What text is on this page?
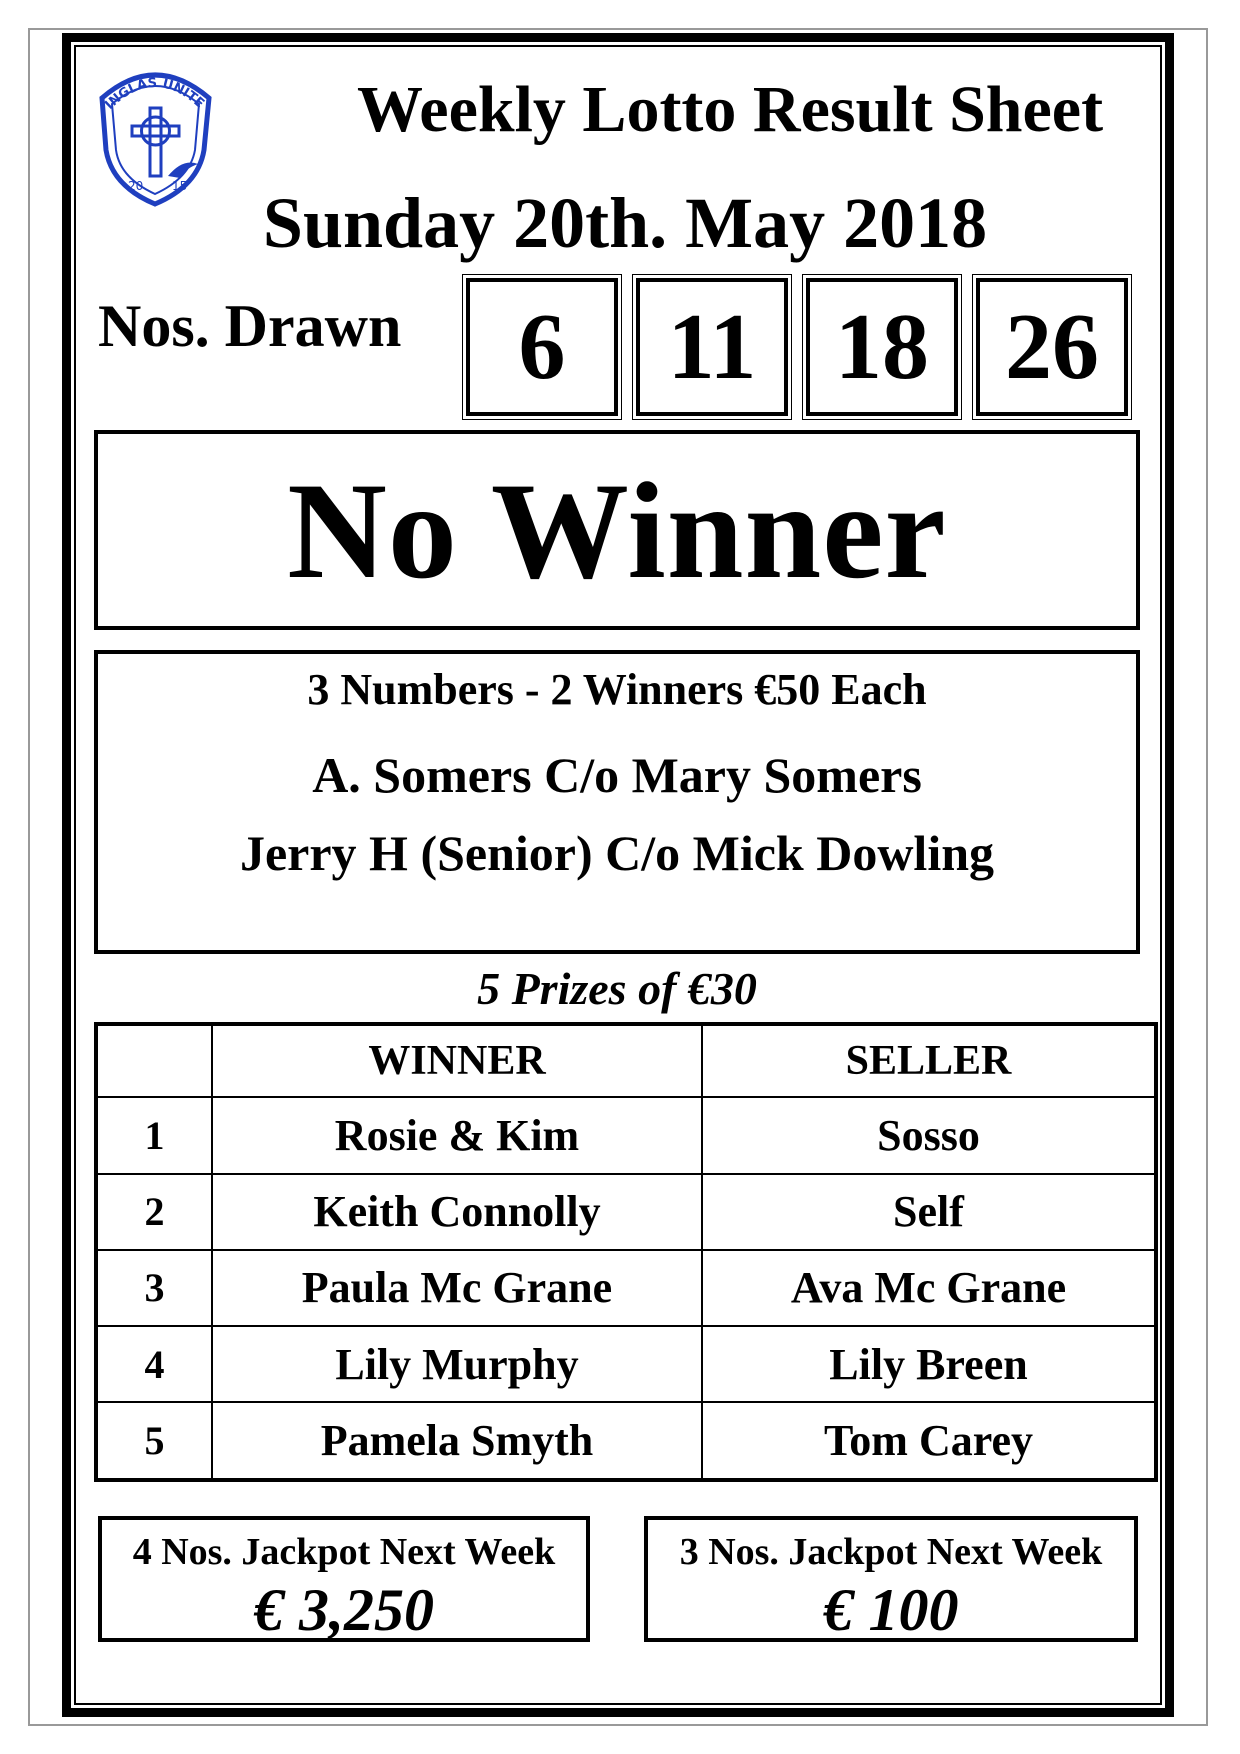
INGLAS UNITE
20 15
Weekly Lotto Result Sheet
Sunday 20th. May 2018
Nos. Drawn	6	11 18 26
No Winner
3 Numbers - 2 Winners €50 Each
A. Somers C/o Mary Somers
Jerry H (Senior) C/o Mick Dowling
5 Prizes of €30
	WINNER	SELLER
1	Rosie & Kim	Sosso
2	Keith Connolly	Self
3	Paula Mc Grane	Ava Mc Grane
4	Lily Murphy	Lily Breen
5	Pamela Smyth	Tom Carey
4 Nos. Jackpot Next Week
€ 3,250
3 Nos. Jackpot Next Week
€ 100
